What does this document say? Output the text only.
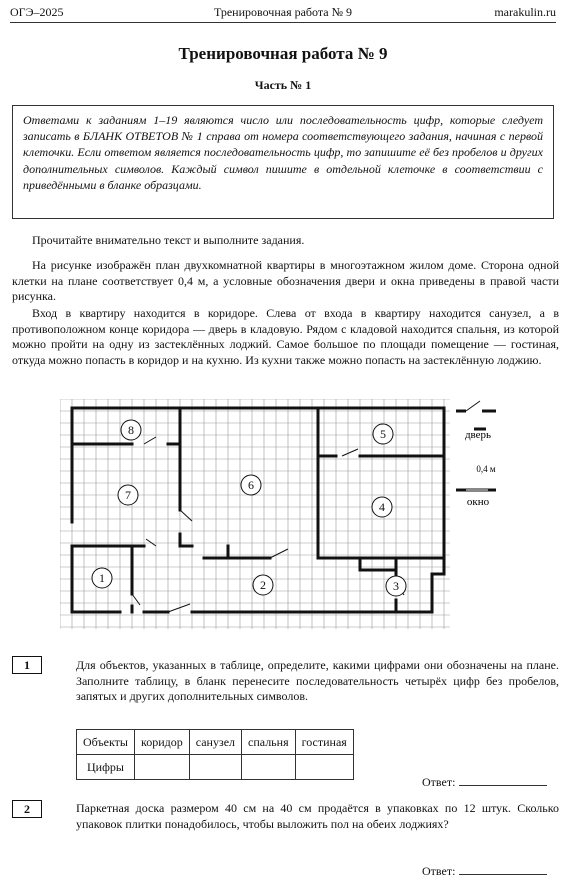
ОГЭ–2025	Тренировочная работа № 9	marakulin.ru
Тренировочная работа № 9
Часть № 1
Ответами к заданиям 1–19 являются число или последовательность цифр, которые следует записать в БЛАНК ОТВЕТОВ № 1 справа от номера соответствующего задания, начиная с первой клеточки. Если ответом является последовательность цифр, то запишите её без пробелов и других дополнительных символов. Каждый символ пишите в отдельной клеточке в соответствии с приведёнными в бланке образцами.
Прочитайте внимательно текст и выполните задания.
На рисунке изображён план двухкомнатной квартиры в многоэтажном жилом доме. Сторона одной клетки на плане соответствует 0,4 м, а условные обозначения двери и окна приведены в правой части рисунка.
Вход в квартиру находится в коридоре. Слева от входа в квартиру находится санузел, а в противоположном конце коридора — дверь в кладовую. Рядом с кладовой находится спальня, из которой можно пройти на одну из застеклённых лоджий. Самое большое по площади помещение — гостиная, откуда можно попасть в коридор и на кухню. Из кухни также можно попасть на застеклённую лоджию.
8	5
6
7
4
1	2	3
дверь
0,4 м
окно
1	Для объектов, указанных в таблице, определите, какими цифрами они обозначены на плане. Заполните таблицу, в бланк перенесите последовательность четырёх цифр без пробелов, запятых и других дополнительных символов.
Объекты	коридор	санузел	спальня	гостиная
Цифры				
Ответ:
2	Паркетная доска размером 40 см на 40 см продаётся в упаковках по 12 штук. Сколько упаковок плитки понадобилось, чтобы выложить пол на обеих лоджиях?
Ответ:
